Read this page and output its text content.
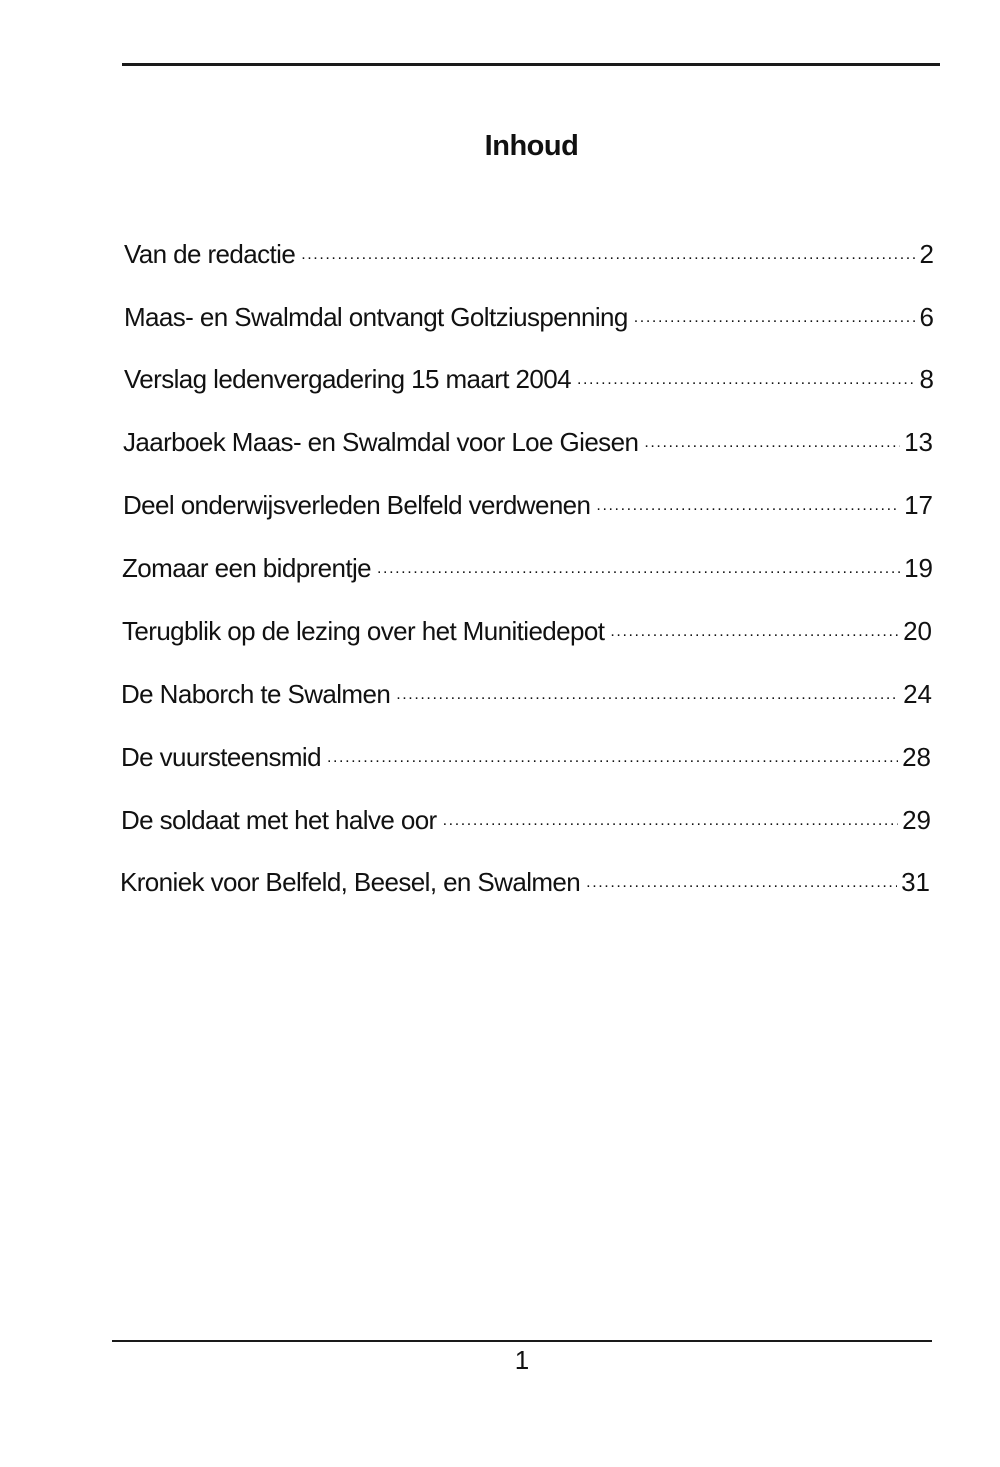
Inhoud
Van de redactie .....	2
Maas- en Swalmdal ontvangt Goltziuspenning .....	6
Verslag ledenvergadering 15 maart 2004 .....	8
Jaarboek Maas- en Swalmdal voor Loe Giesen .....	13
Deel onderwijsverleden Belfeld verdwenen .....	17
Zomaar een bidprentje .....	19
Terugblik op de lezing over het Munitiedepot .....	20
De Naborch te Swalmen .....	24
De vuursteensmid .....	28
De soldaat met het halve oor .....	29
Kroniek voor Belfeld, Beesel, en Swalmen .....	31
1
